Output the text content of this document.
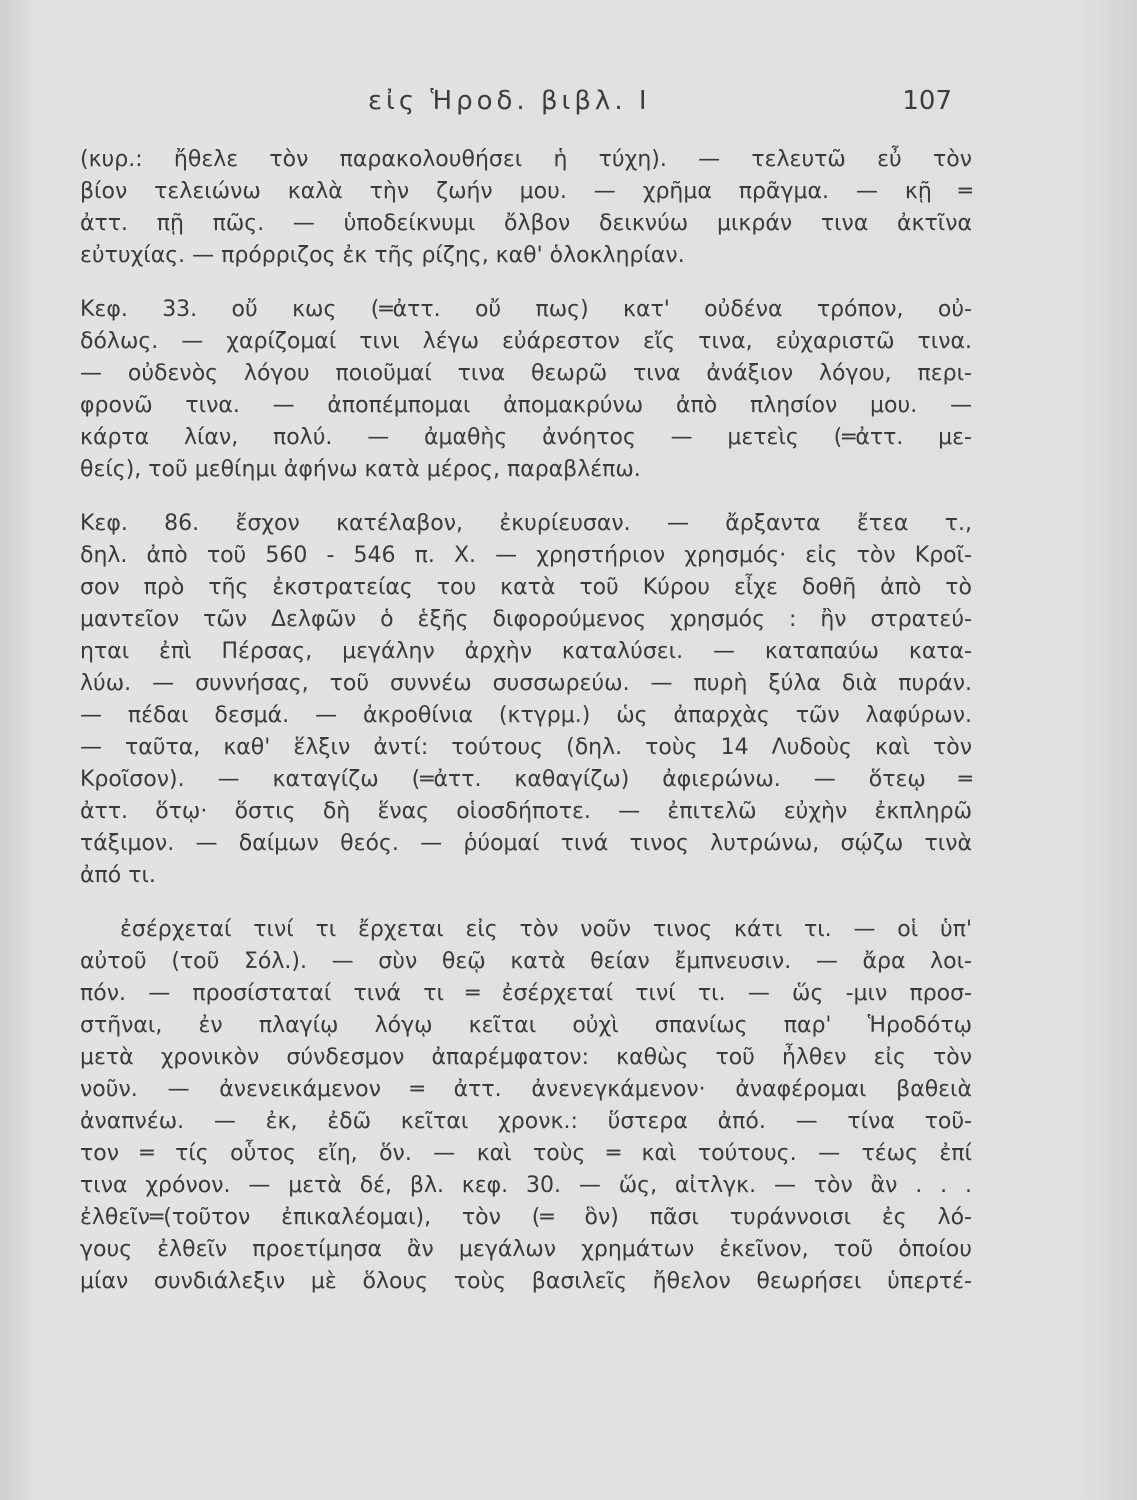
εἰς Ἡροδ. βιβλ. Ι	107
(κυρ.: ἤθελε τὸν παρακολουθήσει ἡ τύχη). — τελευτῶ εὖ τὸν
βίον τελειώνω καλὰ τὴν ζωήν μου. — χρῆμα πρᾶγμα. — κῇ ═
ἀττ. πῇ πῶς. — ὑποδείκνυμι ὄλβον δεικνύω μικράν τινα ἀκτῖνα
εὐτυχίας. — πρόρριζος ἐκ τῆς ρίζης, καθ' ὁλοκληρίαν.
Κεφ. 33. οὔ κως (═ἀττ. οὔ πως) κατ' οὐδένα τρόπον, οὐ-
δόλως. — χαρίζομαί τινι λέγω εὐάρεστον εἴς τινα, εὐχαριστῶ τινα.
— οὐδενὸς λόγου ποιοῦμαί τινα θεωρῶ τινα ἀνάξιον λόγου, περι-
φρονῶ τινα. — ἀποπέμπομαι ἀπομακρύνω ἀπὸ πλησίον μου. —
κάρτα λίαν, πολύ. — ἀμαθὴς ἀνόητος — μετεὶς (═ἀττ. με-
θείς), τοῦ μεθίημι ἀφήνω κατὰ μέρος, παραβλέπω.
Κεφ. 86. ἔσχον κατέλαβον, ἐκυρίευσαν. — ἄρξαντα ἔτεα τ.,
δηλ. ἀπὸ τοῦ 560 - 546 π. Χ. — χρηστήριον χρησμός· εἰς τὸν Κροῖ-
σον πρὸ τῆς ἐκστρατείας του κατὰ τοῦ Κύρου εἶχε δοθῆ ἀπὸ τὸ
μαντεῖον τῶν Δελφῶν ὁ ἑξῆς διφορούμενος χρησμός : ἢν στρατεύ-
ηται ἐπὶ Πέρσας, μεγάλην ἀρχὴν καταλύσει. — καταπαύω κατα-
λύω. — συννήσας, τοῦ συννέω συσσωρεύω. — πυρὴ ξύλα διὰ πυράν.
— πέδαι δεσμά. — ἀκροθίνια (κτγρμ.) ὡς ἀπαρχὰς τῶν λαφύρων.
— ταῦτα, καθ' ἕλξιν ἀντί: τούτους (δηλ. τοὺς 14 Λυδοὺς καὶ τὸν
Κροῖσον). — καταγίζω (═ἀττ. καθαγίζω) ἀφιερώνω. — ὅτεῳ ═
ἀττ. ὅτῳ· ὅστις δὴ ἕνας οἱοσδήποτε. — ἐπιτελῶ εὐχὴν ἐκπληρῶ
τάξιμον. — δαίμων θεός. — ῥύομαί τινά τινος λυτρώνω, σῴζω τινὰ
ἀπό τι.
ἐσέρχεταί τινί τι ἔρχεται εἰς τὸν νοῦν τινος κάτι τι. — οἱ ὑπ'
αὐτοῦ (τοῦ Σόλ.). — σὺν θεῷ κατὰ θείαν ἔμπνευσιν. — ἄρα λοι-
πόν. — προσίσταταί τινά τι ═ ἐσέρχεταί τινί τι. — ὥς -μιν προσ-
στῆναι, ἐν πλαγίῳ λόγῳ κεῖται οὐχὶ σπανίως παρ' Ἡροδότῳ
μετὰ χρονικὸν σύνδεσμον ἀπαρέμφατον: καθὼς τοῦ ἦλθεν εἰς τὸν
νοῦν. — ἀνενεικάμενον ═ ἀττ. ἀνενεγκάμενον· ἀναφέρομαι βαθειὰ
ἀναπνέω. — ἐκ, ἐδῶ κεῖται χρονκ.: ὕστερα ἀπό. — τίνα τοῦ-
τον ═ τίς οὗτος εἴη, ὅν. — καὶ τοὺς ═ καὶ τούτους. — τέως ἐπί
τινα χρόνον. — μετὰ δέ, βλ. κεφ. 30. — ὥς, αἰτλγκ. — τὸν ἂν . . .
ἐλθεῖν═(τοῦτον ἐπικαλέομαι), τὸν (═ ὃν) πᾶσι τυράννοισι ἐς λό-
γους ἐλθεῖν προετίμησα ἂν μεγάλων χρημάτων ἐκεῖνον, τοῦ ὁποίου
μίαν συνδιάλεξιν μὲ ὅλους τοὺς βασιλεῖς ἤθελον θεωρήσει ὑπερτέ-
